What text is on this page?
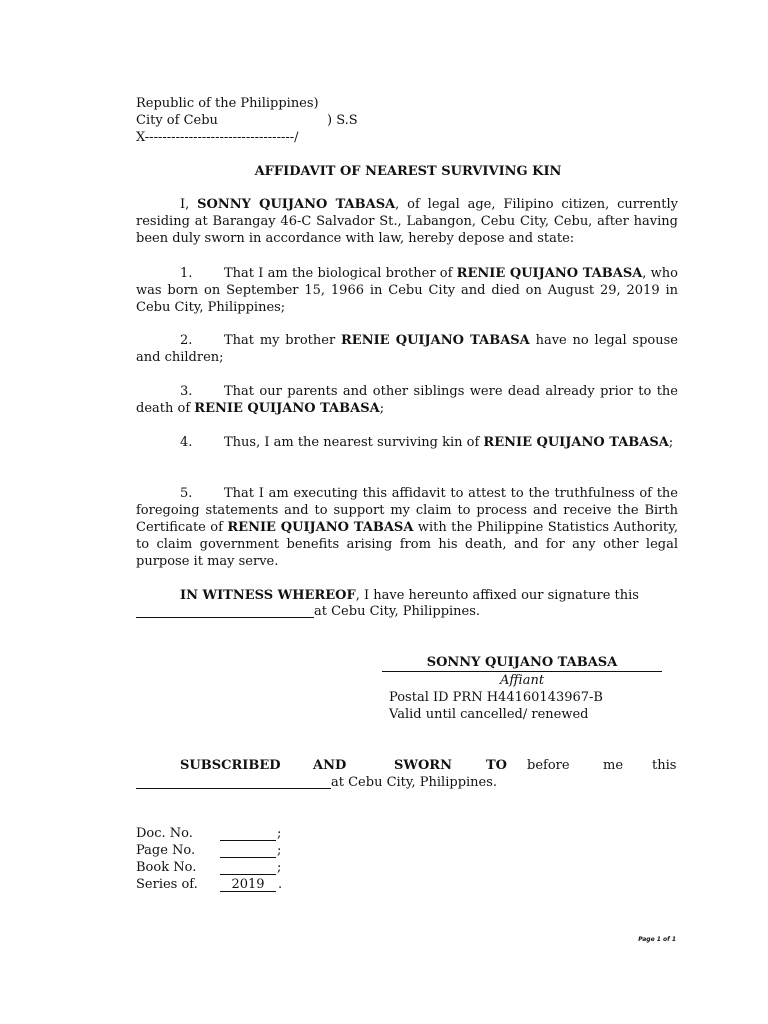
Republic of the Philippines)
City of Cebu	) S.S
X----------------------------------/
AFFIDAVIT OF NEAREST SURVIVING KIN
I, SONNY QUIJANO TABASA, of legal age, Filipino citizen, currently residing at Barangay 46-C Salvador St., Labangon, Cebu City, Cebu, after having been duly sworn in accordance with law, hereby depose and state:
1. That I am the biological brother of RENIE QUIJANO TABASA, who was born on September 15, 1966 in Cebu City and died on August 29, 2019 in Cebu City, Philippines;
2. That my brother RENIE QUIJANO TABASA have no legal spouse and children;
3. That our parents and other siblings were dead already prior to the death of RENIE QUIJANO TABASA;
4. Thus, I am the nearest surviving kin of RENIE QUIJANO TABASA;
5. That I am executing this affidavit to attest to the truthfulness of the foregoing statements and to support my claim to process and receive the Birth Certificate of RENIE QUIJANO TABASA with the Philippine Statistics Authority, to claim government benefits arising from his death, and for any other legal purpose it may serve.
IN WITNESS WHEREOF, I have hereunto affixed our signature this
at Cebu City, Philippines.
SONNY QUIJANO TABASA
Affiant
Postal ID PRN H44160143967-B
Valid until cancelled/ renewed
SUBSCRIBED AND	SWORN	TO before	me this
at Cebu City, Philippines.
Doc. No.	;
Page No.	;
Book No.	;
Series of.	2019	.
Page 1 of 1
